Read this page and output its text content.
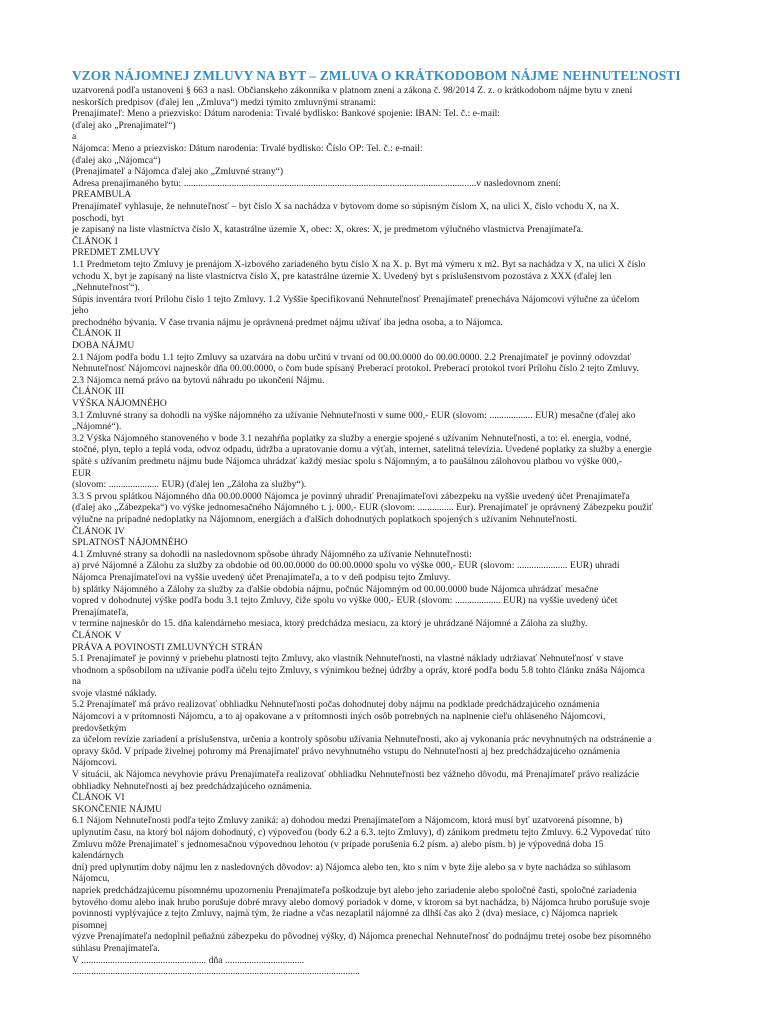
VZOR NÁJOMNEJ ZMLUVY NA BYT – ZMLUVA O KRÁTKODOBOM NÁJME NEHNUTEĽNOSTI

uzatvorená podľa ustanovení § 663 a nasl. Občianskeho zákonníka v platnom znení a zákona č. 98/2014 Z. z. o krátkodobom nájme bytu v znení

neskorších predpisov (ďalej len „Zmluva“) medzi týmito zmluvnými stranami:

Prenajímateľ: Meno a priezvisko: Dátum narodenia: Trvalé bydlisko: Bankové spojenie: IBAN: Tel. č.: e-mail:

(ďalej ako „Prenajímateľ“)

a

Nájomca: Meno a priezvisko: Dátum narodenia: Trvalé bydlisko: Číslo OP: Tel. č.: e-mail:

(ďalej ako „Nájomca“)

(Prenajímateľ a Nájomca ďalej ako „Zmluvné strany“)

Adresa prenajímaného bytu: ..........................................................................................................................v nasledovnom znení:

PREAMBULA

Prenajímateľ vyhlasuje, že nehnuteľnosť – byt číslo X sa nachádza v bytovom dome so súpisným číslom X, na ulici X, číslo vchodu X, na X.

poschodí, byt

je zapísaný na liste vlastníctva číslo X, katastrálne územie X, obec: X, okres: X, je predmetom výlučného vlastníctva Prenajímateľa.

ČLÁNOK I

PREDMET ZMLUVY

1.1 Predmetom tejto Zmluvy je prenájom X-izbového zariadeného bytu číslo X na X. p. Byt má výmeru x m2. Byt sa nachádza v X, na ulici X číslo

vchodu X, byt je zapísaný na liste vlastníctva číslo X, pre katastrálne územie X. Uvedený byt s príslušenstvom pozostáva z XXX (ďalej len

„Nehnuteľnosť“).

Súpis inventára tvorí Prílohu číslo 1 tejto Zmluvy. 1.2 Vyššie špecifikovanú Nehnuteľnosť Prenajímateľ prenecháva Nájomcovi výlučne za účelom

jeho

prechodného bývania. V čase trvania nájmu je oprávnená predmet nájmu užívať iba jedna osoba, a to Nájomca.

ČLÁNOK II

DOBA NÁJMU

2.1 Nájom podľa bodu 1.1 tejto Zmluvy sa uzatvára na dobu určitú v trvaní od 00.00.0000 do 00.00.0000. 2.2 Prenajímateľ je povinný odovzdať

Nehnuteľnosť Nájomcovi najneskôr dňa 00.00.0000, o čom bude spísaný Preberací protokol. Preberací protokol tvorí Prílohu číslo 2 tejto Zmluvy.

2.3 Nájomca nemá právo na bytovú náhradu po ukončení Nájmu.

ČLÁNOK III

VÝŠKA NÁJOMNÉHO

3.1 Zmluvné strany sa dohodli na výške nájomného za užívanie Nehnuteľnosti v sume 000,- EUR (slovom: .................. EUR) mesačne (ďalej ako

„Nájomné“).

3.2 Výška Nájomného stanoveného v bode 3.1 nezahŕňa poplatky za služby a energie spojené s užívaním Nehnuteľnosti, a to: el. energia, vodné,

stočné, plyn, teplo a teplá voda, odvoz odpadu, údržba a upratovanie domu a výťah, internet, satelitná televízia. Uvedené poplatky za služby a energie

spätė s užívaním predmetu nájmu bude Nájomca uhrádzať každý mesiac spolu s Nájomným, a to paušálnou zálohovou platbou vo výške 000,-

EUR

(slovom: ..................... EUR) (ďalej len „Záloha za služby“).

3.3 S prvou splátkou Nájomného dňa 00.00.0000 Nájomca je povinný uhradiť Prenajímateľovi zábezpeku na vyššie uvedený účet Prenajímateľa

(ďalej ako „Zábezpeka“) vo výške jednomesačného Nájomného t. j. 000,- EUR (slovom: ............... Eur). Prenajímateľ je oprávnený Zábezpeku použiť

výlučne na prípadné nedoplatky na Nájomnom, energiách a ďalších dohodnutých poplatkoch spojených s užívaním Nehnuteľnosti.

ČLÁNOK IV

SPLATNOSŤ NÁJOMNÉHO

4.1 Zmluvné strany sa dohodli na nasledovnom spôsobe úhrady Nájomného za užívanie Nehnuteľnosti:

a) prvé Nájomné a Zálohu za služby za obdobie od 00.00.0000 do 00.00.0000 spolu vo výške 000,- EUR (slovom: ..................... EUR) uhradí

Nájomca Prenajímateľovi na vyššie uvedený účet Prenajímateľa, a to v deň podpisu tejto Zmluvy.

b) splátky Nájomného a Zálohy za služby za ďalšie obdobia nájmu, počnúc Nájomným od 00.00.0000 bude Nájomca uhrádzať mesačne

vopred v dohodnutej výške podľa bodu 3.1 tejto Zmluvy, čiže spolu vo výške 000,- EUR (slovom: ................... EUR) na vyššie uvedený účet

Prenajímateľa,

v termíne najneskôr do 15. dňa kalendárneho mesiaca, ktorý predchádza mesiacu, za ktorý je uhrádzané Nájomné a Záloha za služby.

ČLÁNOK V

PRÁVA A POVINOSTI ZMLUVNÝCH STRÁN

5.1 Prenajímateľ je povinný v priebehu platnosti tejto Zmluvy, ako vlastník Nehnuteľnosti, na vlastné náklady udržiavať Nehnuteľnosť v stave

vhodnom a spôsobilom na užívanie podľa účelu tejto Zmluvy, s výnimkou bežnej údržby a opráv, ktoré podľa bodu 5.8 tohto článku znáša Nájomca

na

svoje vlastné náklady.

5.2 Prenajímateľ má právo realizovať obhliadku Nehnuteľnosti počas dohodnutej doby nájmu na podklade predchádzajúceho oznámenia

Nájomcovi a v prítomnosti Nájomcu, a to aj opakovane a v prítomnosti iných osôb potrebných na naplnenie cieľu ohláseného Nájomcovi,

predovšetkým

za účelom revízie zariadení a príslušenstva, určenia a kontroly spôsobu užívania Nehnuteľnosti, ako aj vykonania prác nevyhnutných na odstránenie a

opravy škôd. V prípade živelnej pohromy má Prenajímateľ právo nevyhnutného vstupu do Nehnuteľnosti aj bez predchádzajúceho oznámenia

Nájomcovi.

V situácii, ak Nájomca nevyhovie právu Prenajímateľa realizovať obhliadku Nehnuteľnosti bez vážneho dôvodu, má Prenajímateľ právo realizácie

obhliadky Nehnuteľnosti aj bez predchádzajúceho oznámenia.

ČLÁNOK VI

SKONČENIE NÁJMU

6.1 Nájom Nehnuteľnosti podľa tejto Zmluvy zaniká: a) dohodou medzi Prenajímateľom a Nájomcom, ktorá musí byť uzatvorená písomne, b)

uplynutím času, na ktorý bol nájom dohodnutý, c) výpoveďou (body 6.2 a 6.3. tejto Zmluvy), d) zánikom predmetu tejto Zmluvy. 6.2 Vypovedať túto

Zmluvu môže Prenajímateľ s jednomesačnou výpovednou lehotou (v prípade porušenia 6.2 písm. a) alebo písm. b) je výpovedná doba 15

kalendárnych

dní) pred uplynutím doby nájmu len z nasledovných dôvodov: a) Nájomca alebo ten, kto s ním v byte žije alebo sa v byte nachádza so súhlasom

Nájomcu,

napriek predchádzajúcemu písomnému upozorneniu Prenajímateľa poškodzuje byt alebo jeho zariadenie alebo spoločné časti, spoločné zariadenia

bytového domu alebo inak hrubo porušuje dobré mravy alebo domový poriadok v dome, v ktorom sa byt nachádza, b) Nájomca hrubo porušuje svoje

povinnosti vyplývajúce z tejto Zmluvy, najmä tým, že riadne a včas nezaplatil nájomné za dlhší čas ako 2 (dva) mesiace, c) Nájomca napriek

písomnej

výzve Prenajímateľa nedoplnil peňažnú zábezpeku do pôvodnej výšky, d) Nájomca prenechal Nehnuteľnosť do podnájmu tretej osobe bez písomného

súhlasu Prenajímateľa.

V .................................................... dňa .................................

........................................................................................................................
